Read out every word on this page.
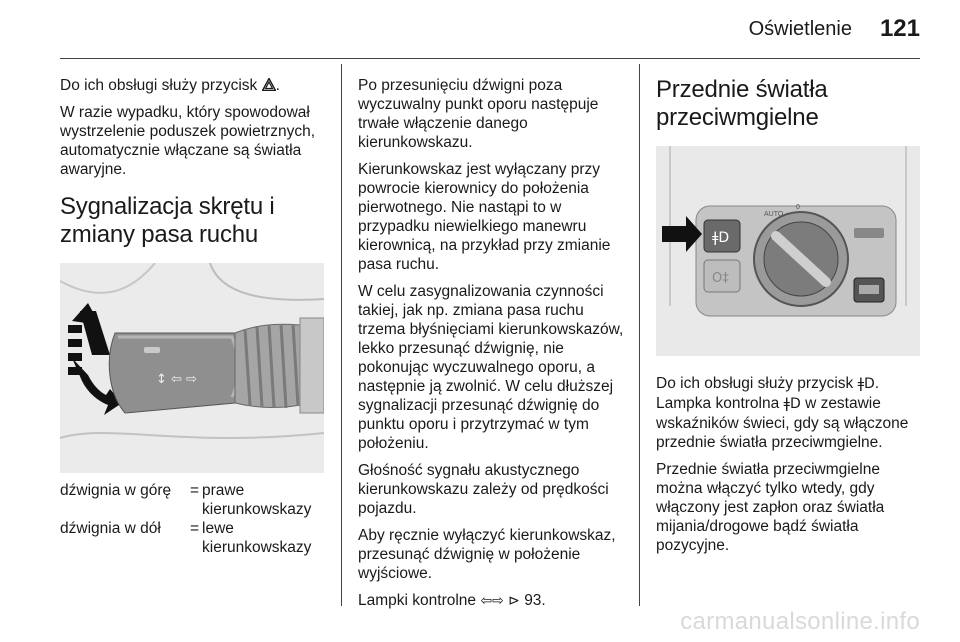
Oświetlenie 121

Do ich obsługi służy przycisk .

W razie wypadku, który spowodował wystrzelenie poduszek powietrznych, automatycznie włączane są światła awaryjne.

Sygnalizacja skrętu i zmiany pasa ruchu
↕ ⇦ ⇨
dźwignia w górę	= prawe kierunkowskazy
dźwignia w dół	= lewe kierunkowskazy

Po przesunięciu dźwigni poza wyczuwalny punkt oporu następuje trwałe włączenie danego kierunkowskazu.

Kierunkowskaz jest wyłączany przy powrocie kierownicy do położenia pierwotnego. Nie nastąpi to w przypadku niewielkiego manewru kierownicą, na przykład przy zmianie pasa ruchu.

W celu zasygnalizowania czynności takiej, jak np. zmiana pasa ruchu trzema błyśnięciami kierunkowskazów, lekko przesunąć dźwignię, nie pokonując wyczuwalnego oporu, a następnie ją zwolnić. W celu dłuższej sygnalizacji przesunąć dźwignię do punktu oporu i przytrzymać w tym położeniu.

Głośność sygnału akustycznego kierunkowskazu zależy od prędkości pojazdu.

Aby ręcznie wyłączyć kierunkowskaz, przesunąć dźwignię w położenie wyjściowe.

Lampki kontrolne ⇦⇨ ⊳ 93.

Przednie światła przeciwmgielne
ǂD
O‡
AUTO
0

Do ich obsługi służy przycisk ǂD. Lampka kontrolna ǂD w zestawie wskaźników świeci, gdy są włączone przednie światła przeciwmgielne.

Przednie światła przeciwmgielne można włączyć tylko wtedy, gdy włączony jest zapłon oraz światła mijania/drogowe bądź światła pozycyjne.

carmanualsonline.info
